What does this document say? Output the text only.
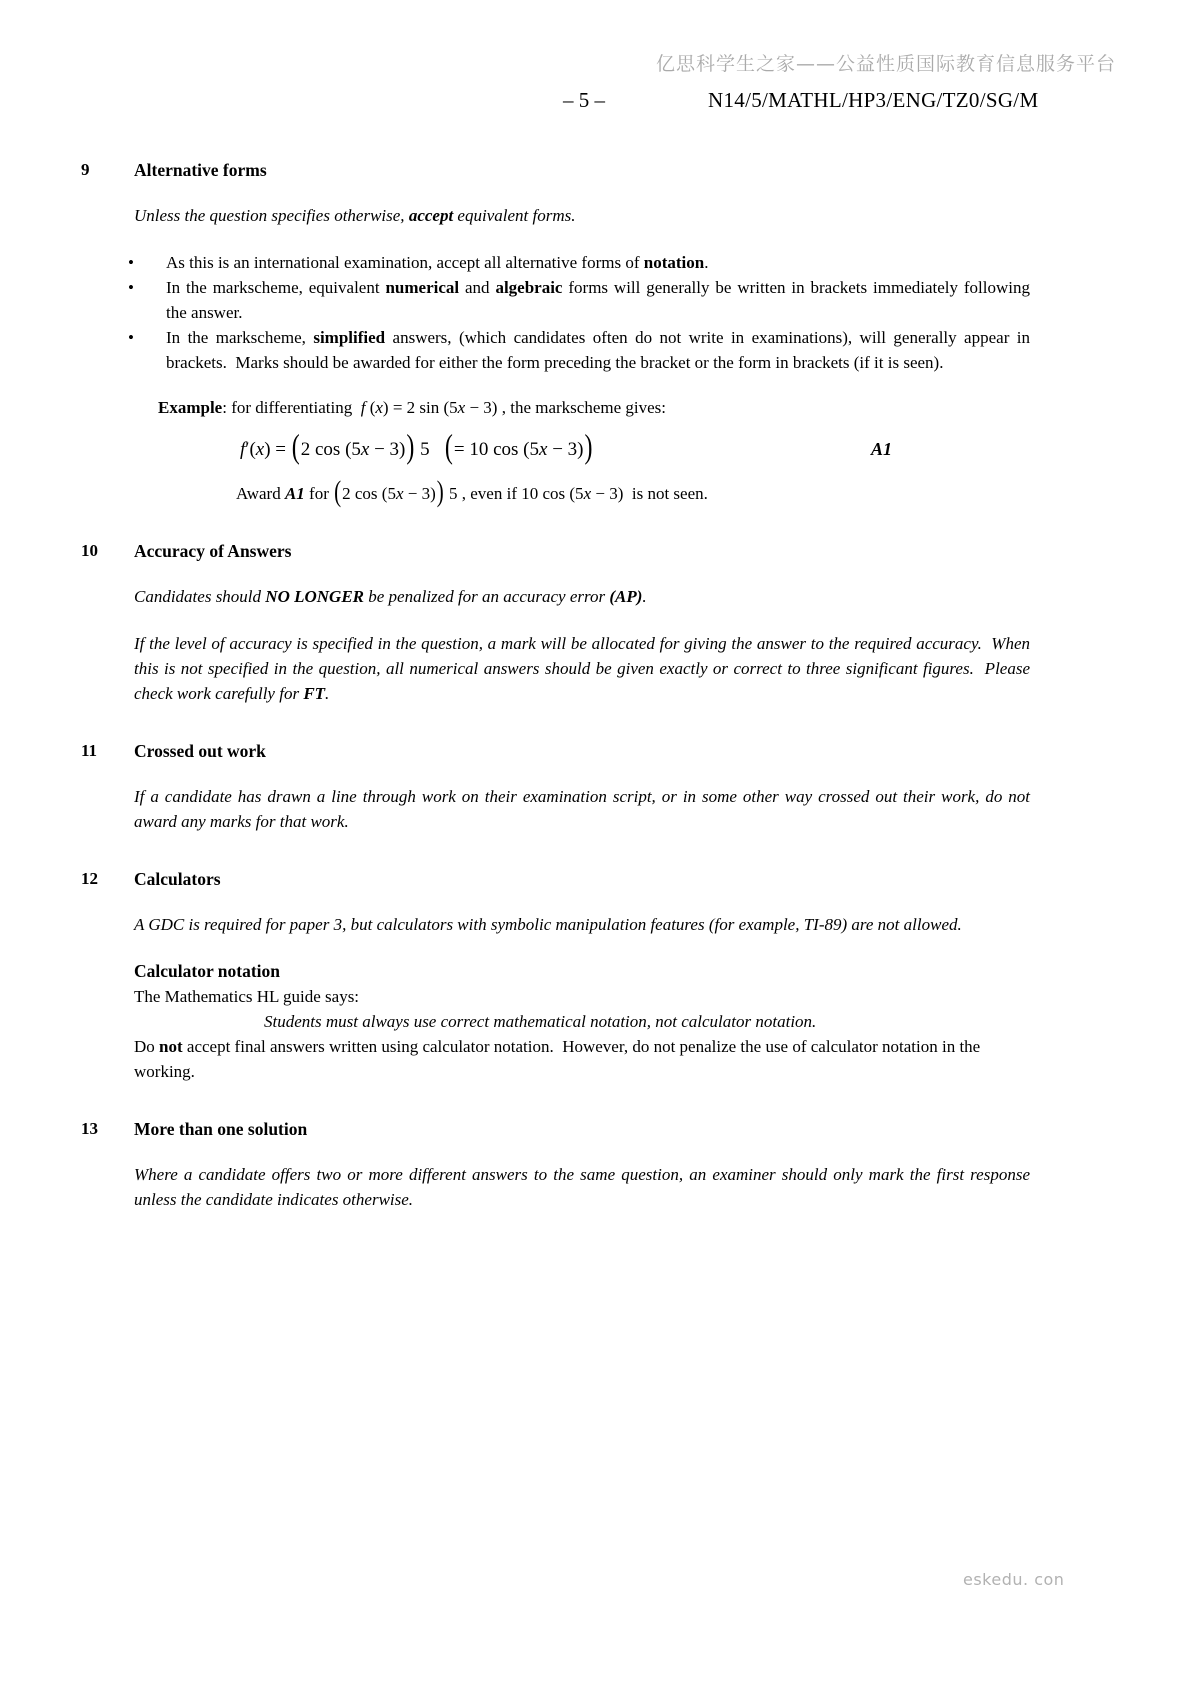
亿思科学生之家——公益性质国际教育信息服务平台
– 5 –	N14/5/MATHL/HP3/ENG/TZ0/SG/M
9	Alternative forms

Unless the question specifies otherwise, accept equivalent forms.

•	As this is an international examination, accept all alternative forms of notation.
•	In the markscheme, equivalent numerical and algebraic forms will generally be written in brackets immediately following the answer.
•	In the markscheme, simplified answers, (which candidates often do not write in examinations), will generally appear in brackets.  Marks should be awarded for either the form preceding the bracket or the form in brackets (if it is seen).

Example: for differentiating  f (x) = 2 sin (5x − 3) , the markscheme gives:

f′(x) = (2 cos (5x − 3)) 5   (= 10 cos (5x − 3))	A1

Award A1 for (2 cos (5x − 3)) 5 , even if 10 cos (5x − 3)  is not seen.

10	Accuracy of Answers

Candidates should NO LONGER be penalized for an accuracy error (AP).

If the level of accuracy is specified in the question, a mark will be allocated for giving the answer to the required accuracy.  When this is not specified in the question, all numerical answers should be given exactly or correct to three significant figures.  Please check work carefully for FT.

11	Crossed out work

If a candidate has drawn a line through work on their examination script, or in some other way crossed out their work, do not award any marks for that work.

12	Calculators

A GDC is required for paper 3, but calculators with symbolic manipulation features (for example, TI-89) are not allowed.

Calculator notation

The Mathematics HL guide says:

Students must always use correct mathematical notation, not calculator notation.

Do not accept final answers written using calculator notation.  However, do not penalize the use of calculator notation in the working.

13	More than one solution

Where a candidate offers two or more different answers to the same question, an examiner should only mark the first response unless the candidate indicates otherwise.

eskedu. con
